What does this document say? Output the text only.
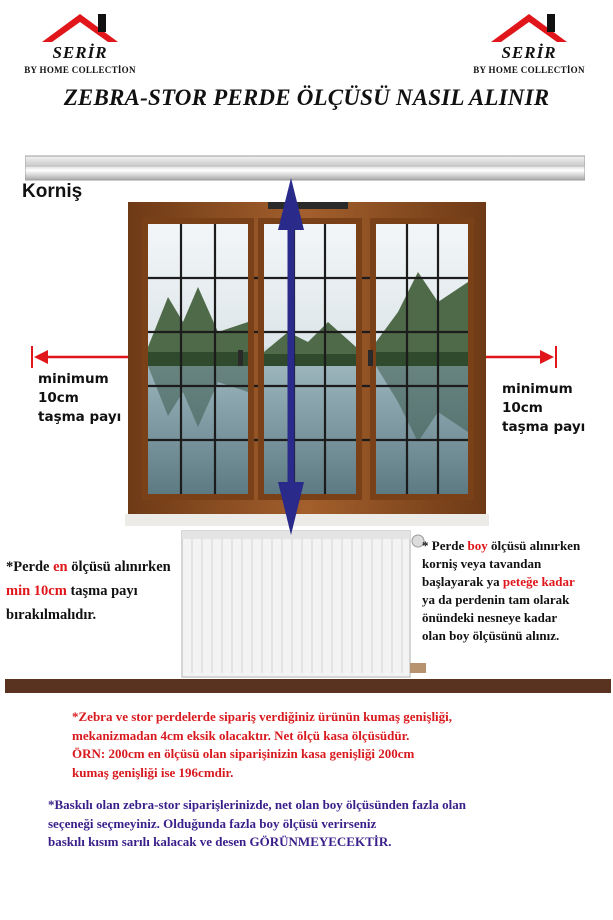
SERİR
BY HOME COLLECTİON
SERİR
BY HOME COLLECTİON
ZEBRA-STOR PERDE ÖLÇÜSÜ NASIL ALINIR
Korniş
minimum
10cm
taşma payı
minimum
10cm
taşma payı
*Perde en ölçüsü alınırken
min 10cm taşma payı
bırakılmalıdır.
* Perde boy ölçüsü alınırken
korniş veya tavandan
başlayarak ya peteğe kadar
ya da perdenin tam olarak
önündeki nesneye kadar
olan boy ölçüsünü alınız.
*Zebra ve stor perdelerde sipariş verdiğiniz ürünün kumaş genişliği,
mekanizmadan 4cm eksik olacaktır. Net ölçü kasa ölçüsüdür.
ÖRN: 200cm en ölçüsü olan siparişinizin kasa genişliği 200cm
kumaş genişliği ise 196cmdir.
*Baskılı olan zebra-stor siparişlerinizde, net olan boy ölçüsünden fazla olan
seçeneği seçmeyiniz. Olduğunda fazla boy ölçüsü verirseniz
baskılı kısım sarılı kalacak ve desen GÖRÜNMEYECEKTİR.
